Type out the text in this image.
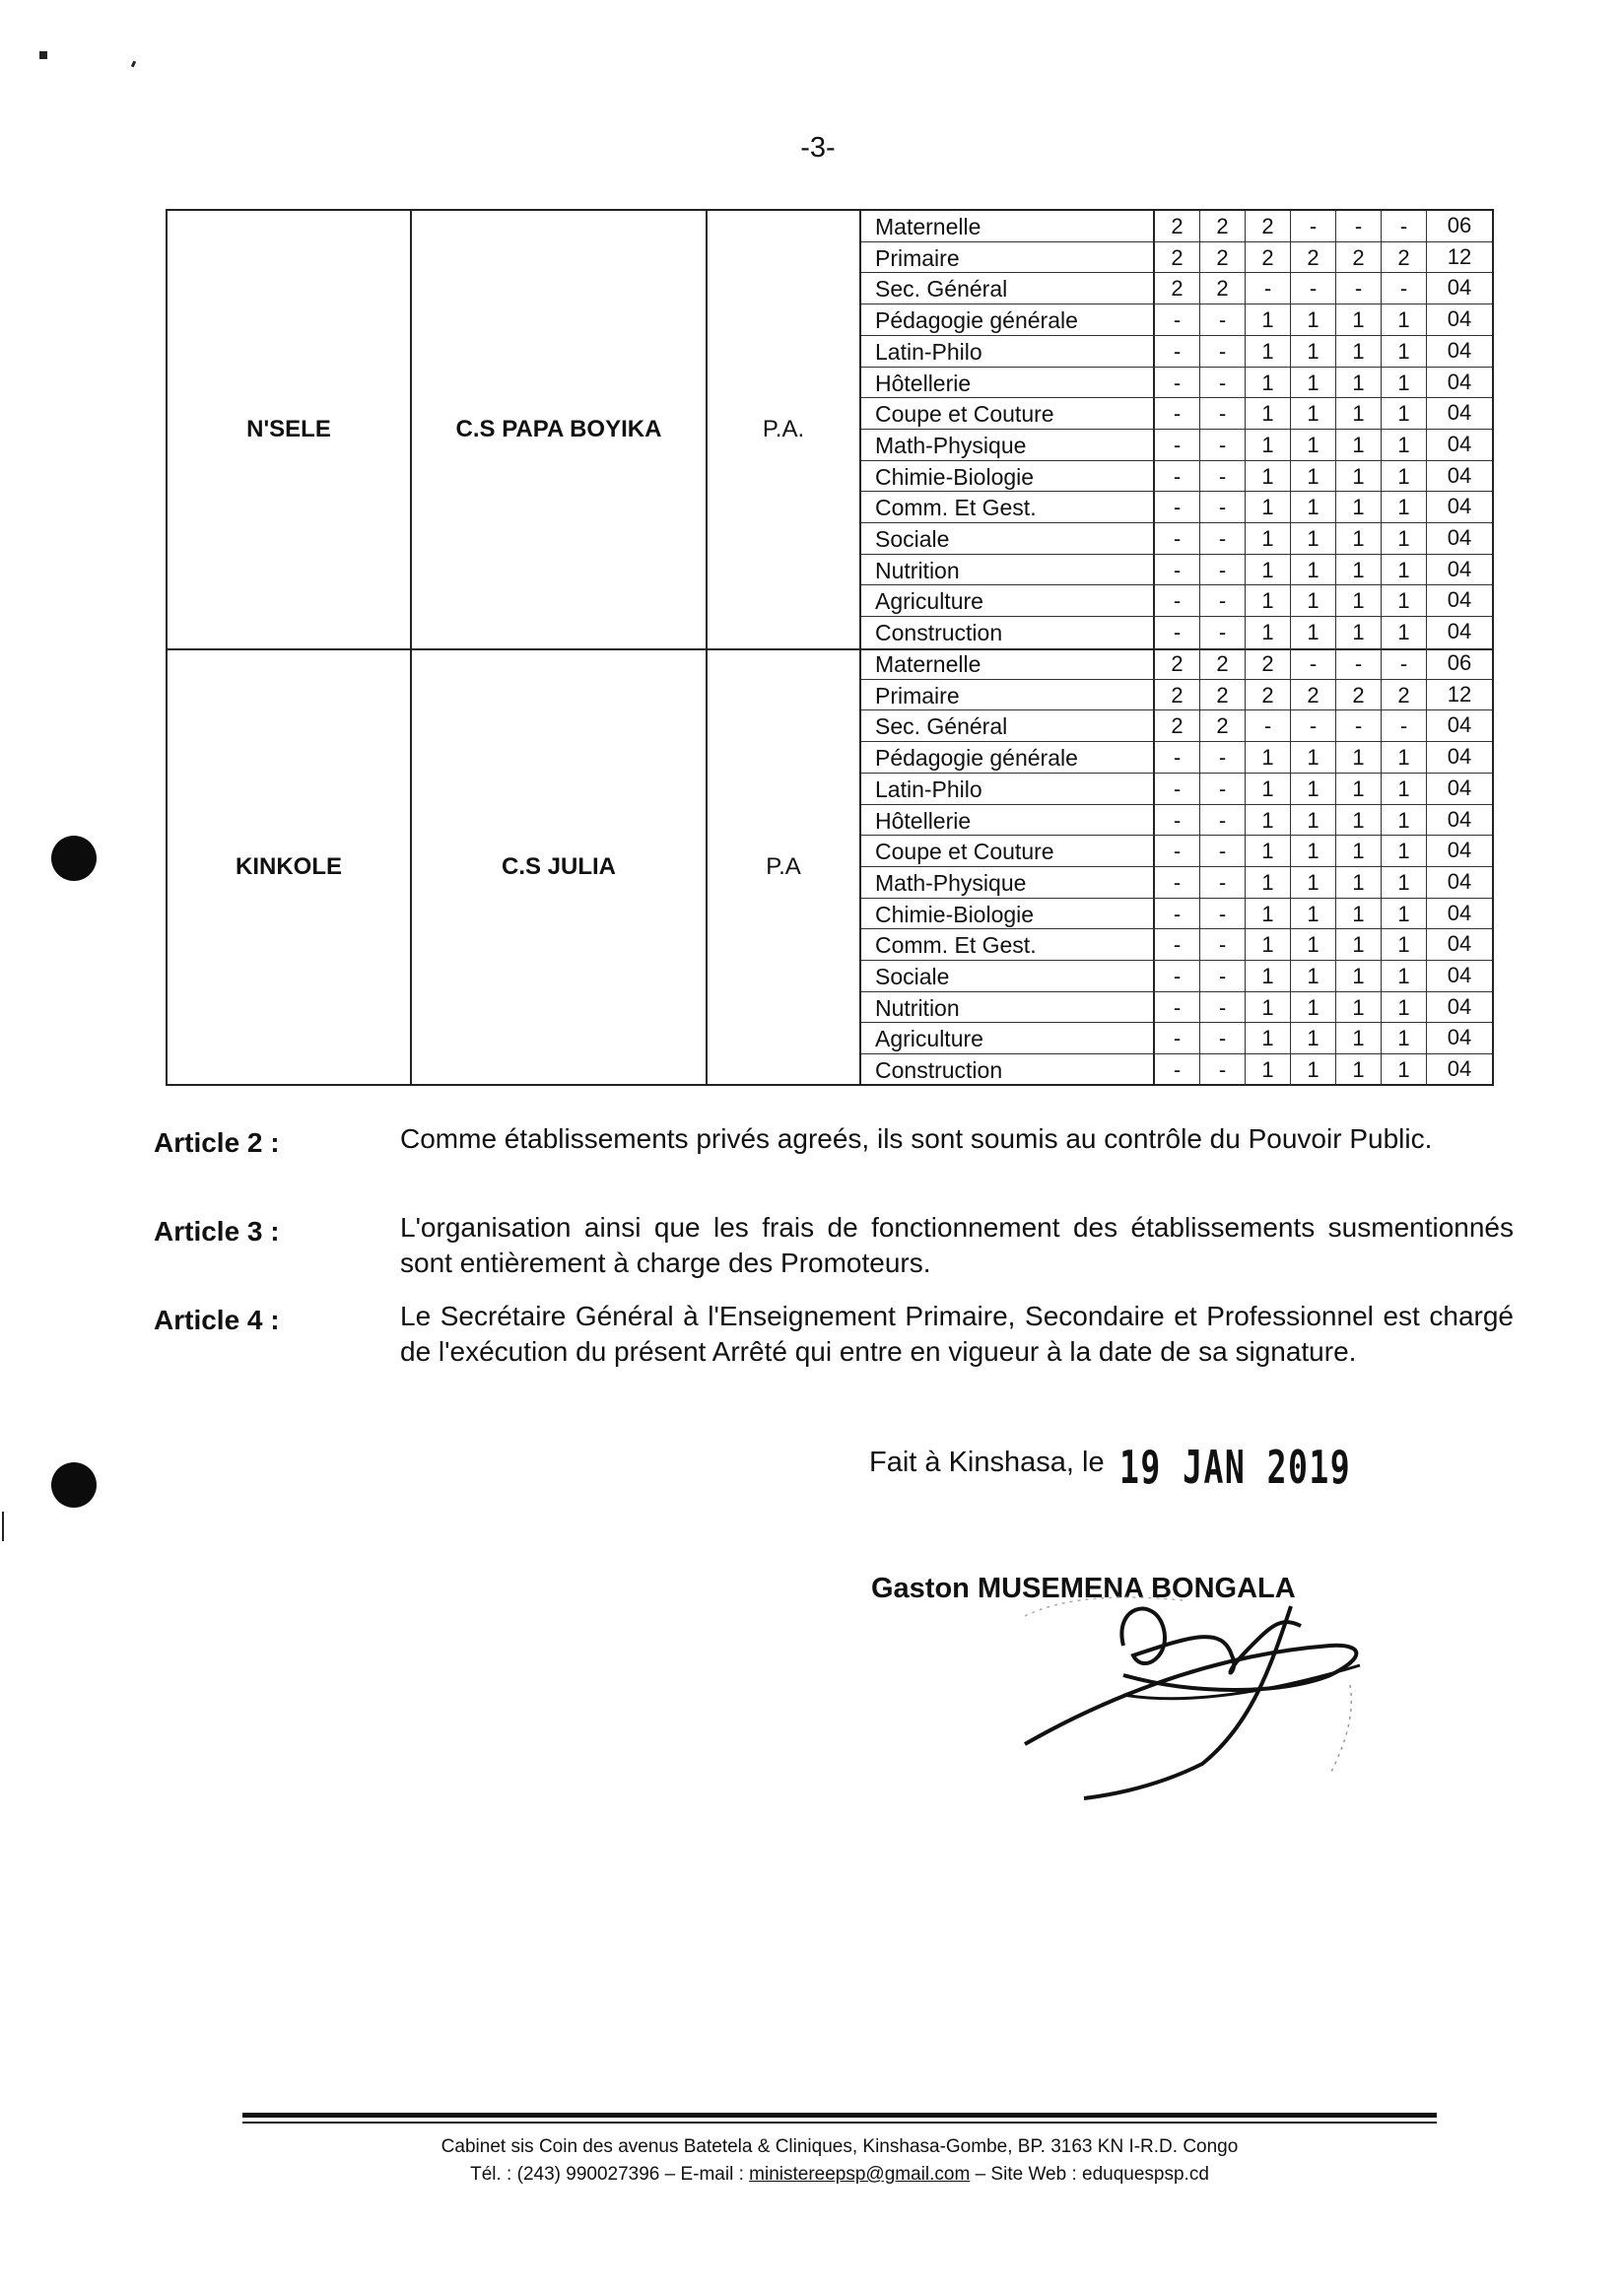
-3-
N'SELE	C.S PAPA BOYIKA	P.A.
Maternelle	2	2	2	-	-	-	06
Primaire	2	2	2	2	2	2	12
Sec. Général	2	2	-	-	-	-	04
Pédagogie générale	-	-	1	1	1	1	04
Latin-Philo	-	-	1	1	1	1	04
Hôtellerie	-	-	1	1	1	1	04
Coupe et Couture	-	-	1	1	1	1	04
Math-Physique	-	-	1	1	1	1	04
Chimie-Biologie	-	-	1	1	1	1	04
Comm. Et Gest.	-	-	1	1	1	1	04
Sociale	-	-	1	1	1	1	04
Nutrition	-	-	1	1	1	1	04
Agriculture	-	-	1	1	1	1	04
Construction	-	-	1	1	1	1	04
KINKOLE	C.S JULIA	P.A
Maternelle	2	2	2	-	-	-	06
Primaire	2	2	2	2	2	2	12
Sec. Général	2	2	-	-	-	-	04
Pédagogie générale	-	-	1	1	1	1	04
Latin-Philo	-	-	1	1	1	1	04
Hôtellerie	-	-	1	1	1	1	04
Coupe et Couture	-	-	1	1	1	1	04
Math-Physique	-	-	1	1	1	1	04
Chimie-Biologie	-	-	1	1	1	1	04
Comm. Et Gest.	-	-	1	1	1	1	04
Sociale	-	-	1	1	1	1	04
Nutrition	-	-	1	1	1	1	04
Agriculture	-	-	1	1	1	1	04
Construction	-	-	1	1	1	1	04
Article 2 :	Comme établissements privés agreés, ils sont soumis au contrôle du Pouvoir Public.
Article 3 :	L'organisation ainsi que les frais de fonctionnement des établissements susmentionnés sont entièrement à charge des Promoteurs.
Article 4 :	Le Secrétaire Général à l'Enseignement Primaire, Secondaire et Professionnel est chargé de l'exécution du présent Arrêté qui entre en vigueur à la date de sa signature.
Fait à Kinshasa, le 19 JAN 2019
Gaston MUSEMENA BONGALA
Cabinet sis Coin des avenus Batetela & Cliniques, Kinshasa-Gombe, BP. 3163 KN I-R.D. Congo
Tél. : (243) 990027396 – E-mail : ministereepsp@gmail.com – Site Web : eduquespsp.cd
